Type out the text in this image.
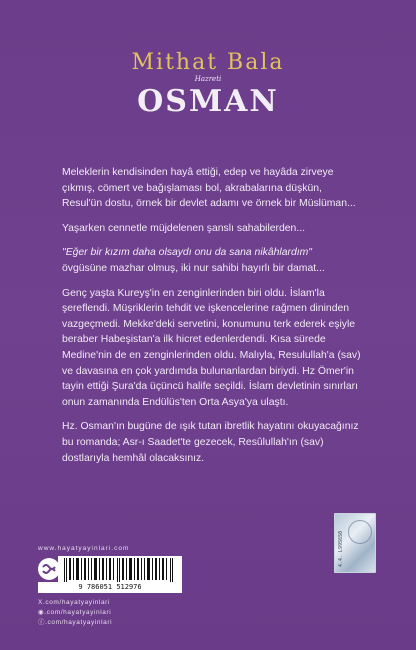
Mithat Bala
Hazreti
OSMAN

Meleklerin kendisinden hayâ ettiği, edep ve hayâda zirveye çıkmış, cömert ve bağışlaması bol, akrabalarına düşkün, Resul'ün dostu, örnek bir devlet adamı ve örnek bir Müslüman...

Yaşarken cennetle müjdelenen şanslı sahabilerden...

"Eğer bir kızım daha olsaydı onu da sana nikâhlardım"
övgüsüne mazhar olmuş, iki nur sahibi hayırlı bir damat...

Genç yaşta Kureyş'in en zenginlerinden biri oldu. İslam'la şereflendi. Müşriklerin tehdit ve işkencelerine rağmen dininden vazgeçmedi. Mekke'deki servetini, konumunu terk ederek eşiyle beraber Habeşistan'a ilk hicret edenlerdendi. Kısa sürede Medine'nin de en zenginlerinden oldu. Malıyla, Resulullah'a (sav) ve davasına en çok yardımda bulunanlardan biriydi. Hz Ömer'in tayin ettiği Şura'da üçüncü halife seçildi. İslam devletinin sınırları onun zamanında Endülüs'ten Orta Asya'ya ulaştı.

Hz. Osman'ın bugüne de ışık tutan ibretlik hayatını okuyacağınız bu romanda; Asr-ı Saadet'te gezecek, Resûlullah'ın (sav) dostlarıyla hemhâl olacaksınız.

www.hayatyayinlari.com
9 786051 512976
X.com/hayatyayinlari
◉.com/hayatyayinlari
ⓕ.com/hayatyayinlari
4.4. L99S6S0
